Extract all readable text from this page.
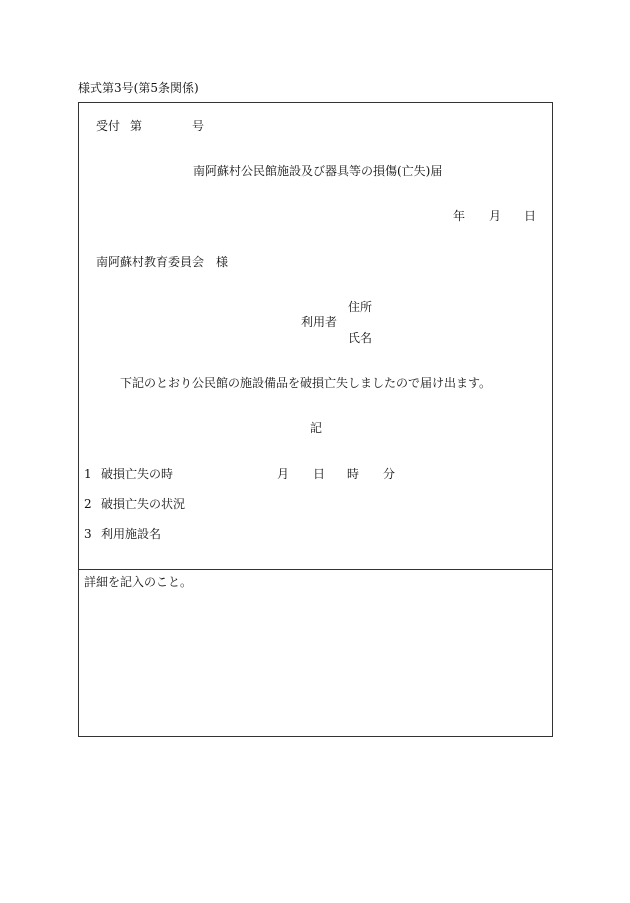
様式第3号(第5条関係)
受付 第	号
南阿蘇村公民館施設及び器具等の損傷(亡失)届
年 月 日
南阿蘇村教育委員会　様
住所
利用者
氏名
下記のとおり公民館の施設備品を破損亡失しましたので届け出ます。
記
1 破損亡失の時	月 日 時 分
2 破損亡失の状況
3 利用施設名
詳細を記入のこと。
